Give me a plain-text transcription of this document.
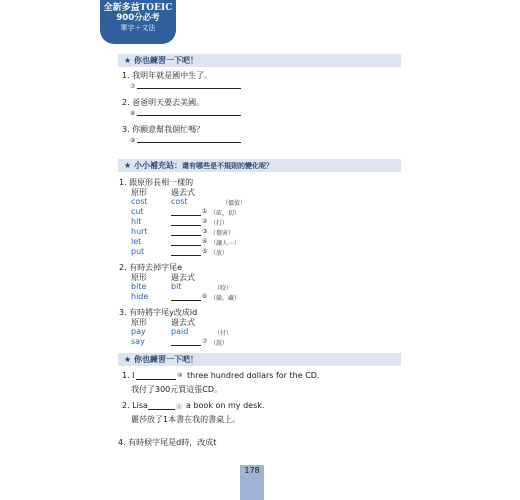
全新多益TOEIC
900分必考
單字＋文法
★ 你也練習一下吧！
1. 我明年就是國中生了。
⑦
2. 爸爸明天要去美國。
⑧
3. 你願意幫我個忙嗎？
⑨
★ 小小補充站：還有哪些是不規則的變化呢？
1. 跟原形長相一樣的
原形	過去式
cost	cost	（價值）
cut	① （砍，切）
hit	② （打）
hurt	③ （傷害）
let	④ （讓人⋯）
put	⑤ （放）
2. 有時去掉字尾e
原形	過去式
bite	bit	（咬）
hide	⑥ （躲，藏）
3. 有時將字尾y改成id
原形	過去式
pay	paid	（付）
say	⑦ （說）
★ 你也練習一下吧！
1. I	⑩ three hundred dollars for the CD.
我付了300元買這張CD。
2. Lisa	⑪ a book on my desk.
麗莎放了1本書在我的書桌上。
4. 有時候字尾是d時，改成t
178
